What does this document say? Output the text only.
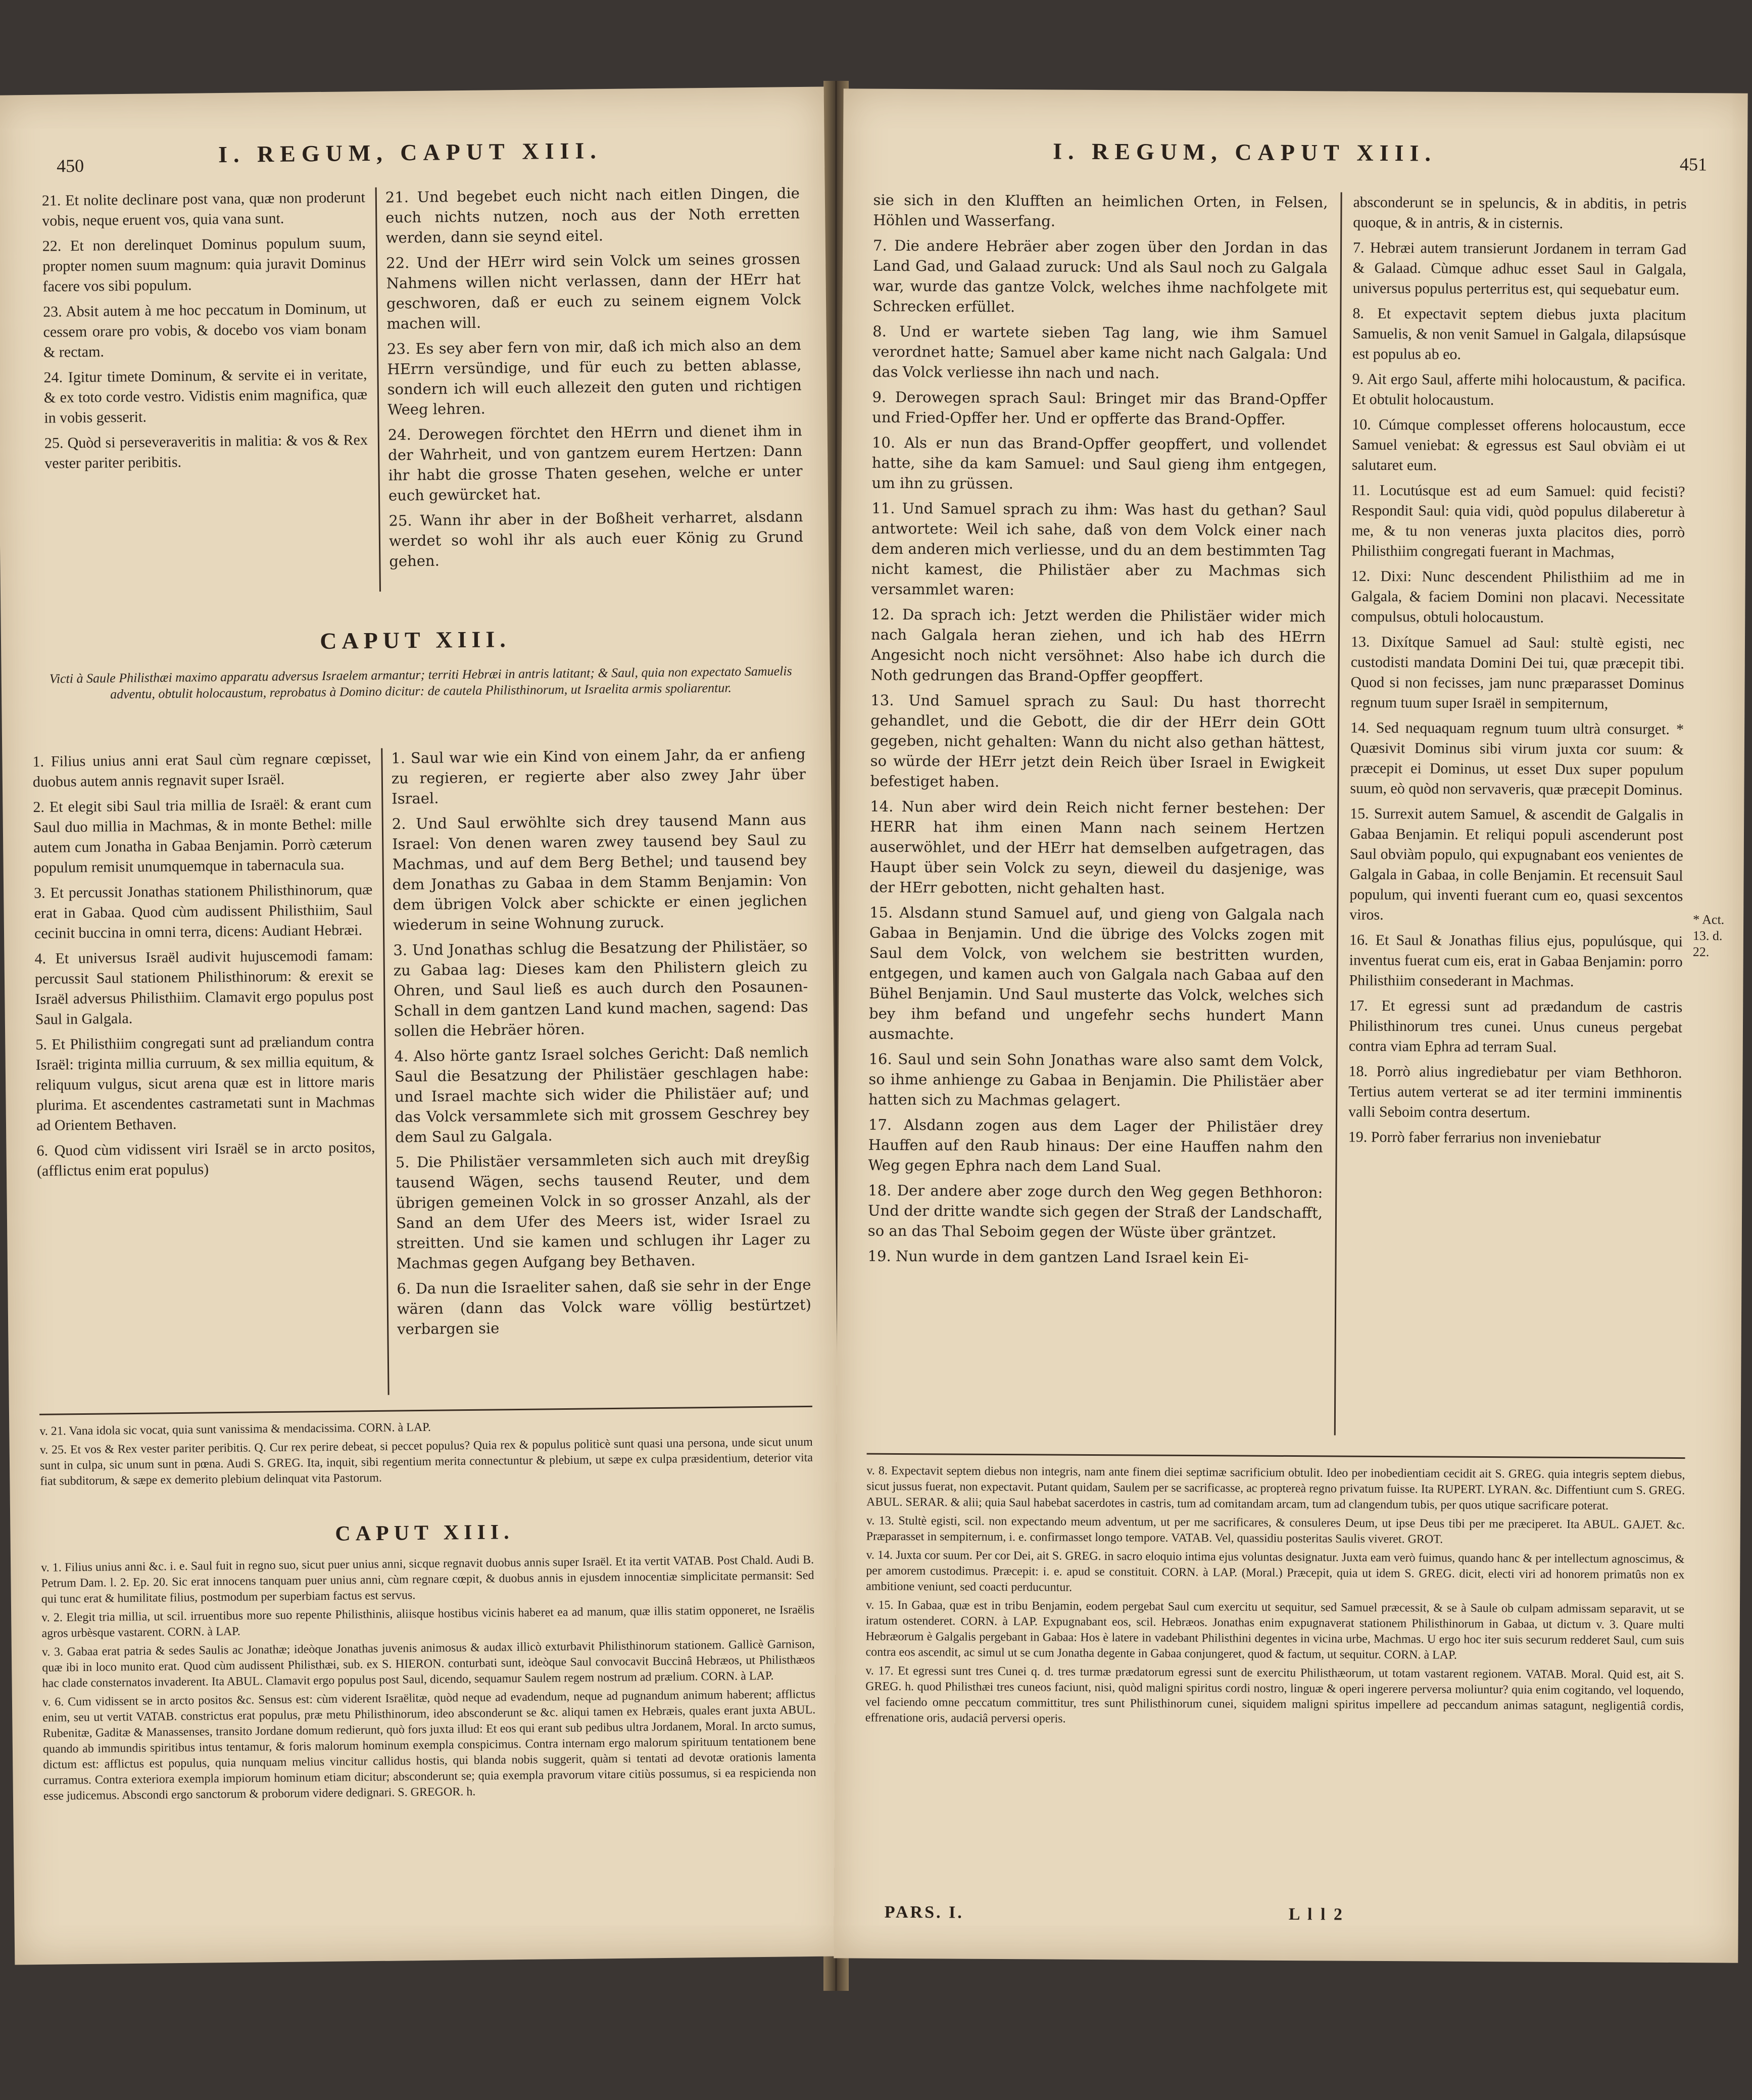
450	I. REGUM, CAPUT XIII.

21. Et nolite declinare post vana, quæ non proderunt vobis, neque eruent vos, quia vana sunt.

22. Et non derelinquet Dominus populum suum, propter nomen suum magnum: quia juravit Dominus facere vos sibi populum.

23. Absit autem à me hoc peccatum in Dominum, ut cessem orare pro vobis, & docebo vos viam bonam & rectam.

24. Igitur timete Dominum, & servite ei in veritate, & ex toto corde vestro. Vidistis enim magnifica, quæ in vobis gesserit.

25. Quòd si perseveraveritis in malitia: & vos & Rex vester pariter peribitis.

21. Und begebet euch nicht nach eitlen Dingen, die euch nichts nutzen, noch aus der Noth erretten werden, dann sie seynd eitel.

22. Und der HErr wird sein Volck um seines grossen Nahmens willen nicht verlassen, dann der HErr hat geschworen, daß er euch zu seinem eignem Volck machen will.

23. Es sey aber fern von mir, daß ich mich also an dem HErrn versündige, und für euch zu betten ablasse, sondern ich will euch allezeit den guten und richtigen Weeg lehren.

24. Derowegen förchtet den HErrn und dienet ihm in der Wahrheit, und von gantzem eurem Hertzen: Dann ihr habt die grosse Thaten gesehen, welche er unter euch gewürcket hat.

25. Wann ihr aber in der Boßheit verharret, alsdann werdet so wohl ihr als auch euer König zu Grund gehen.

CAPUT XIII.
Victi à Saule Philisthæi maximo apparatu adversus Israelem armantur; territi Hebræi in antris latitant; & Saul, quia non expectato Samuelis adventu, obtulit holocaustum, reprobatus à Domino dicitur: de cautela Philisthinorum, ut Israelita armis spoliarentur.

1. Filius unius anni erat Saul cùm regnare cœpisset, duobus autem annis regnavit super Israël.

2. Et elegit sibi Saul tria millia de Israël: & erant cum Saul duo millia in Machmas, & in monte Bethel: mille autem cum Jonatha in Gabaa Benjamin. Porrò cæterum populum remisit unumquemque in tabernacula sua.

3. Et percussit Jonathas stationem Philisthinorum, quæ erat in Gabaa. Quod cùm audissent Philisthiim, Saul cecinit buccina in omni terra, dicens: Audiant Hebræi.

4. Et universus Israël audivit hujuscemodi famam: percussit Saul stationem Philisthinorum: & erexit se Israël adversus Philisthiim. Clamavit ergo populus post Saul in Galgala.

5. Et Philisthiim congregati sunt ad præliandum contra Israël: triginta millia curruum, & sex millia equitum, & reliquum vulgus, sicut arena quæ est in littore maris plurima. Et ascendentes castrametati sunt in Machmas ad Orientem Bethaven.

6. Quod cùm vidissent viri Israël se in arcto positos, (afflictus enim erat populus)

1. Saul war wie ein Kind von einem Jahr, da er anfieng zu regieren, er regierte aber also zwey Jahr über Israel.

2. Und Saul erwöhlte sich drey tausend Mann aus Israel: Von denen waren zwey tausend bey Saul zu Machmas, und auf dem Berg Bethel; und tausend bey dem Jonathas zu Gabaa in dem Stamm Benjamin: Von dem übrigen Volck aber schickte er einen jeglichen wiederum in seine Wohnung zuruck.

3. Und Jonathas schlug die Besatzung der Philistäer, so zu Gabaa lag: Dieses kam den Philistern gleich zu Ohren, und Saul ließ es auch durch den Posaunen-Schall in dem gantzen Land kund machen, sagend: Das sollen die Hebräer hören.

4. Also hörte gantz Israel solches Gericht: Daß nemlich Saul die Besatzung der Philistäer geschlagen habe: und Israel machte sich wider die Philistäer auf; und das Volck versammlete sich mit grossem Geschrey bey dem Saul zu Galgala.

5. Die Philistäer versammleten sich auch mit dreyßig tausend Wägen, sechs tausend Reuter, und dem übrigen gemeinen Volck in so grosser Anzahl, als der Sand an dem Ufer des Meers ist, wider Israel zu streitten. Und sie kamen und schlugen ihr Lager zu Machmas gegen Aufgang bey Bethaven.

6. Da nun die Israeliter sahen, daß sie sehr in der Enge wären (dann das Volck ware völlig bestürtzet) verbargen sie

v. 21. Vana idola sic vocat, quia sunt vanissima & mendacissima. CORN. à LAP.

v. 25. Et vos & Rex vester pariter peribitis. Q. Cur rex perire debeat, si peccet populus? Quia rex & populus politicè sunt quasi una persona, unde sicut unum sunt in culpa, sic unum sunt in pœna. Audi S. GREG. Ita, inquit, sibi regentium merita connectuntur & plebium, ut sæpe ex culpa præsidentium, deterior vita fiat subditorum, & sæpe ex demerito plebium delinquat vita Pastorum.

CAPUT XIII.

v. 1. Filius unius anni &c. i. e. Saul fuit in regno suo, sicut puer unius anni, sicque regnavit duobus annis super Israël. Et ita vertit VATAB. Post Chald. Audi B. Petrum Dam. l. 2. Ep. 20. Sic erat innocens tanquam puer unius anni, cùm regnare cœpit, & duobus annis in ejusdem innocentiæ simplicitate permansit: Sed qui tunc erat & humilitate filius, postmodum per superbiam factus est servus.

v. 2. Elegit tria millia, ut scil. irruentibus more suo repente Philisthinis, aliisque hostibus vicinis haberet ea ad manum, quæ illis statim opponeret, ne Israëlis agros urbèsque vastarent. CORN. à LAP.

v. 3. Gabaa erat patria & sedes Saulis ac Jonathæ; ideòque Jonathas juvenis animosus & audax illicò exturbavit Philisthinorum stationem. Gallicè Garnison, quæ ibi in loco munito erat. Quod cùm audissent Philisthæi, sub. ex S. HIERON. conturbati sunt, ideòque Saul convocavit Buccinâ Hebræos, ut Philisthæos hac clade consternatos invaderent. Ita ABUL. Clamavit ergo populus post Saul, dicendo, sequamur Saulem regem nostrum ad prælium. CORN. à LAP.

v. 6. Cum vidissent se in arcto positos &c. Sensus est: cùm viderent Israëlitæ, quòd neque ad evadendum, neque ad pugnandum animum haberent; afflictus enim, seu ut vertit VATAB. constrictus erat populus, præ metu Philisthinorum, ideo absconderunt se &c. aliqui tamen ex Hebræis, quales erant juxta ABUL. Rubenitæ, Gaditæ & Manassenses, transito Jordane domum redierunt, quò fors juxta illud: Et eos qui erant sub pedibus ultra Jordanem, Moral. In arcto sumus, quando ab immundis spiritibus intus tentamur, & foris malorum hominum exempla conspicimus. Contra internam ergo malorum spirituum tentationem bene dictum est: afflictus est populus, quia nunquam melius vincitur callidus hostis, qui blanda nobis suggerit, quàm si tentati ad devotæ orationis lamenta curramus. Contra exteriora exempla impiorum hominum etiam dicitur; absconderunt se; quia exempla pravorum vitare citiùs possumus, si ea respicienda non esse judicemus. Abscondi ergo sanctorum & proborum videre dedignari. S. GREGOR. h.

I. REGUM, CAPUT XIII.	451

sie sich in den Klufften an heimlichen Orten, in Felsen, Höhlen und Wasserfang.

7. Die andere Hebräer aber zogen über den Jordan in das Land Gad, und Galaad zuruck: Und als Saul noch zu Galgala war, wurde das gantze Volck, welches ihme nachfolgete mit Schrecken erfüllet.

8. Und er wartete sieben Tag lang, wie ihm Samuel verordnet hatte; Samuel aber kame nicht nach Galgala: Und das Volck verliesse ihn nach und nach.

9. Derowegen sprach Saul: Bringet mir das Brand-Opffer und Fried-Opffer her. Und er opfferte das Brand-Opffer.

10. Als er nun das Brand-Opffer geopffert, und vollendet hatte, sihe da kam Samuel: und Saul gieng ihm entgegen, um ihn zu grüssen.

11. Und Samuel sprach zu ihm: Was hast du gethan? Saul antwortete: Weil ich sahe, daß von dem Volck einer nach dem anderen mich verliesse, und du an dem bestimmten Tag nicht kamest, die Philistäer aber zu Machmas sich versammlet waren:

12. Da sprach ich: Jetzt werden die Philistäer wider mich nach Galgala heran ziehen, und ich hab des HErrn Angesicht noch nicht versöhnet: Also habe ich durch die Noth gedrungen das Brand-Opffer geopffert.

13. Und Samuel sprach zu Saul: Du hast thorrecht gehandlet, und die Gebott, die dir der HErr dein GOtt gegeben, nicht gehalten: Wann du nicht also gethan hättest, so würde der HErr jetzt dein Reich über Israel in Ewigkeit befestiget haben.

14. Nun aber wird dein Reich nicht ferner bestehen: Der HERR hat ihm einen Mann nach seinem Hertzen auserwöhlet, und der HErr hat demselben aufgetragen, das Haupt über sein Volck zu seyn, dieweil du dasjenige, was der HErr gebotten, nicht gehalten hast.

15. Alsdann stund Samuel auf, und gieng von Galgala nach Gabaa in Benjamin. Und die übrige des Volcks zogen mit Saul dem Volck, von welchem sie bestritten wurden, entgegen, und kamen auch von Galgala nach Gabaa auf den Bühel Benjamin. Und Saul musterte das Volck, welches sich bey ihm befand und ungefehr sechs hundert Mann ausmachte.

16. Saul und sein Sohn Jonathas ware also samt dem Volck, so ihme anhienge zu Gabaa in Benjamin. Die Philistäer aber hatten sich zu Machmas gelagert.

17. Alsdann zogen aus dem Lager der Philistäer drey Hauffen auf den Raub hinaus: Der eine Hauffen nahm den Weg gegen Ephra nach dem Land Sual.

18. Der andere aber zoge durch den Weg gegen Bethhoron: Und der dritte wandte sich gegen der Straß der Landschafft, so an das Thal Seboim gegen der Wüste über gräntzet.

19. Nun wurde in dem gantzen Land Israel kein Ei-

absconderunt se in speluncis, & in abditis, in petris quoque, & in antris, & in cisternis.

7. Hebræi autem transierunt Jordanem in terram Gad & Galaad. Cùmque adhuc esset Saul in Galgala, universus populus perterritus est, qui sequebatur eum.

8. Et expectavit septem diebus juxta placitum Samuelis, & non venit Samuel in Galgala, dilapsúsque est populus ab eo.

9. Ait ergo Saul, afferte mihi holocaustum, & pacifica. Et obtulit holocaustum.

10. Cúmque complesset offerens holocaustum, ecce Samuel veniebat: & egressus est Saul obviàm ei ut salutaret eum.

11. Locutúsque est ad eum Samuel: quid fecisti? Respondit Saul: quia vidi, quòd populus dilaberetur à me, & tu non veneras juxta placitos dies, porrò Philisthiim congregati fuerant in Machmas,

12. Dixi: Nunc descendent Philisthiim ad me in Galgala, & faciem Domini non placavi. Necessitate compulsus, obtuli holocaustum.

13. Dixítque Samuel ad Saul: stultè egisti, nec custodisti mandata Domini Dei tui, quæ præcepit tibi. Quod si non fecisses, jam nunc præparasset Dominus regnum tuum super Israël in sempiternum,

14. Sed nequaquam regnum tuum ultrà consurget. * Quæsivit Dominus sibi virum juxta cor suum: & præcepit ei Dominus, ut esset Dux super populum suum, eò quòd non servaveris, quæ præcepit Dominus.

15. Surrexit autem Samuel, & ascendit de Galgalis in Gabaa Benjamin. Et reliqui populi ascenderunt post Saul obviàm populo, qui expugnabant eos venientes de Galgala in Gabaa, in colle Benjamin. Et recensuit Saul populum, qui inventi fuerant cum eo, quasi sexcentos viros.

16. Et Saul & Jonathas filius ejus, populúsque, qui inventus fuerat cum eis, erat in Gabaa Benjamin: porro Philisthiim consederant in Machmas.

17. Et egressi sunt ad prædandum de castris Philisthinorum tres cunei. Unus cuneus pergebat contra viam Ephra ad terram Sual.

18. Porrò alius ingrediebatur per viam Bethhoron. Tertius autem verterat se ad iter termini imminentis valli Seboim contra desertum.

19. Porrò faber ferrarius non inveniebatur

* Act. 13. d. 22.

v. 8. Expectavit septem diebus non integris, nam ante finem diei septimæ sacrificium obtulit. Ideo per inobedientiam cecidit ait S. GREG. quia integris septem diebus, sicut jussus fuerat, non expectavit. Putant quidam, Saulem per se sacrificasse, ac proptereà regno privatum fuisse. Ita RUPERT. LYRAN. &c. Diffentiunt cum S. GREG. ABUL. SERAR. & alii; quia Saul habebat sacerdotes in castris, tum ad comitandam arcam, tum ad clangendum tubis, per quos utique sacrificare poterat.

v. 13. Stultè egisti, scil. non expectando meum adventum, ut per me sacrificares, & consuleres Deum, ut ipse Deus tibi per me præciperet. Ita ABUL. GAJET. &c. Præparasset in sempiternum, i. e. confirmasset longo tempore. VATAB. Vel, quassidiu posteritas Saulis viveret. GROT.

v. 14. Juxta cor suum. Per cor Dei, ait S. GREG. in sacro eloquio intima ejus voluntas designatur. Juxta eam verò fuimus, quando hanc & per intellectum agnoscimus, & per amorem custodimus. Præcepit: i. e. apud se constituit. CORN. à LAP. (Moral.) Præcepit, quia ut idem S. GREG. dicit, electi viri ad honorem primatûs non ex ambitione veniunt, sed coacti perducuntur.

v. 15. In Gabaa, quæ est in tribu Benjamin, eodem pergebat Saul cum exercitu ut sequitur, sed Samuel præcessit, & se à Saule ob culpam admissam separavit, ut se iratum ostenderet. CORN. à LAP. Expugnabant eos, scil. Hebræos. Jonathas enim expugnaverat stationem Philisthinorum in Gabaa, ut dictum v. 3. Quare multi Hebræorum è Galgalis pergebant in Gabaa: Hos è latere in vadebant Philisthini degentes in vicina urbe, Machmas. U ergo hoc iter suis securum redderet Saul, cum suis contra eos ascendit, ac simul ut se cum Jonatha degente in Gabaa conjungeret, quod & factum, ut sequitur. CORN. à LAP.

v. 17. Et egressi sunt tres Cunei q. d. tres turmæ prædatorum egressi sunt de exercitu Philisthæorum, ut totam vastarent regionem. VATAB. Moral. Quid est, ait S. GREG. h. quod Philisthæi tres cuneos faciunt, nisi, quòd maligni spiritus cordi nostro, linguæ & operi ingerere perversa moliuntur? quia enim cogitando, vel loquendo, vel faciendo omne peccatum committitur, tres sunt Philisthinorum cunei, siquidem maligni spiritus impellere ad peccandum animas satagunt, negligentiâ cordis, effrenatione oris, audaciâ perversi operis.

PARS. I.	L l l 2
